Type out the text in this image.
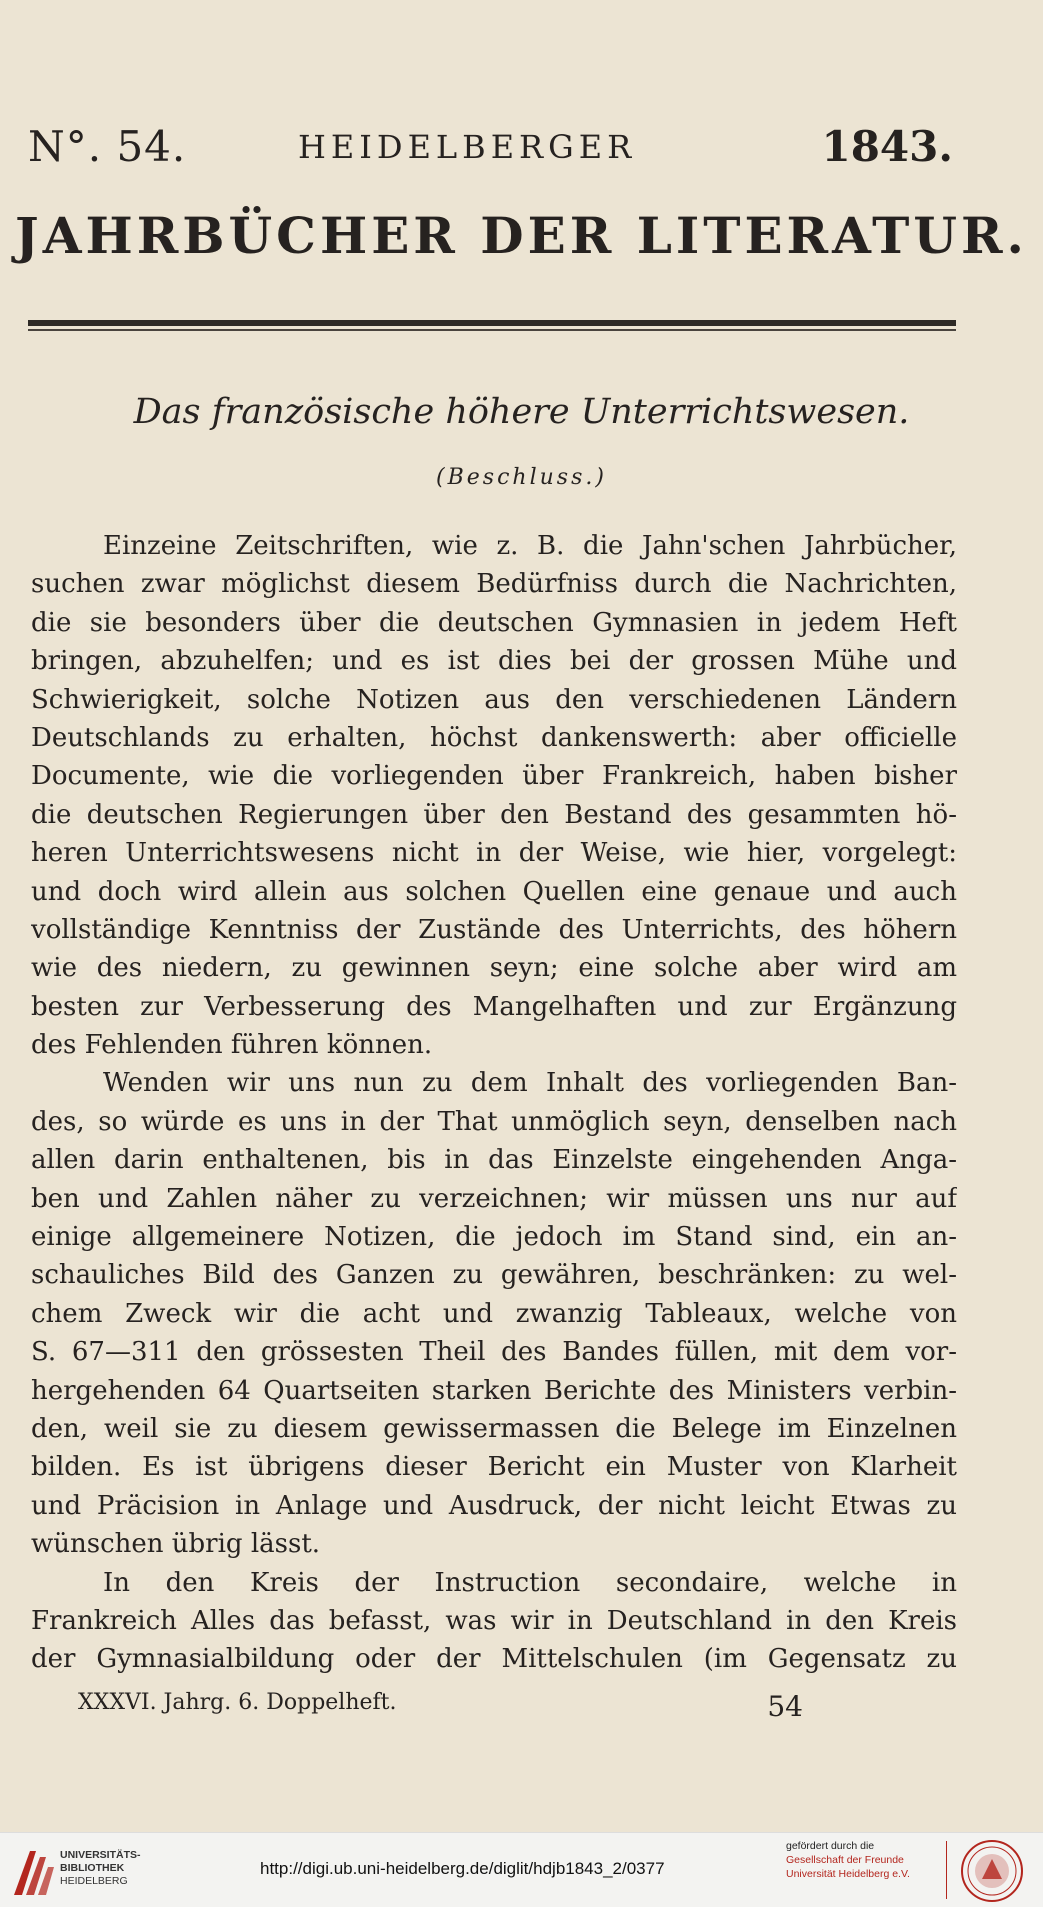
N°. 54.	HEIDELBERGER	1843.
JAHRBÜCHER DER LITERATUR.
Das französische höhere Unterrichtswesen.
(Beschluss.)
Einzeine Zeitschriften, wie z. B. die Jahn'schen Jahrbücher,
suchen zwar möglichst diesem Bedürfniss durch die Nachrichten,
die sie besonders über die deutschen Gymnasien in jedem Heft
bringen, abzuhelfen; und es ist dies bei der grossen Mühe und
Schwierigkeit, solche Notizen aus den verschiedenen Ländern
Deutschlands zu erhalten, höchst dankenswerth: aber officielle
Documente, wie die vorliegenden über Frankreich, haben bisher
die deutschen Regierungen über den Bestand des gesammten hö-
heren Unterrichtswesens nicht in der Weise, wie hier, vorgelegt:
und doch wird allein aus solchen Quellen eine genaue und auch
vollständige Kenntniss der Zustände des Unterrichts, des höhern
wie des niedern, zu gewinnen seyn; eine solche aber wird am
besten zur Verbesserung des Mangelhaften und zur Ergänzung
des Fehlenden führen können.
Wenden wir uns nun zu dem Inhalt des vorliegenden Ban-
des, so würde es uns in der That unmöglich seyn, denselben nach
allen darin enthaltenen, bis in das Einzelste eingehenden Anga-
ben und Zahlen näher zu verzeichnen; wir müssen uns nur auf
einige allgemeinere Notizen, die jedoch im Stand sind, ein an-
schauliches Bild des Ganzen zu gewähren, beschränken: zu wel-
chem Zweck wir die acht und zwanzig Tableaux, welche von
S. 67—311 den grössesten Theil des Bandes füllen, mit dem vor-
hergehenden 64 Quartseiten starken Berichte des Ministers verbin-
den, weil sie zu diesem gewissermassen die Belege im Einzelnen
bilden. Es ist übrigens dieser Bericht ein Muster von Klarheit
und Präcision in Anlage und Ausdruck, der nicht leicht Etwas zu
wünschen übrig lässt.
In den Kreis der Instruction secondaire, welche in
Frankreich Alles das befasst, was wir in Deutschland in den Kreis
der Gymnasialbildung oder der Mittelschulen (im Gegensatz zu
XXXVI. Jahrg. 6. Doppelheft.	54
UNIVERSITÄTS-
BIBLIOTHEK
HEIDELBERG
http://digi.ub.uni-heidelberg.de/diglit/hdjb1843_2/0377
gefördert durch die
Gesellschaft der Freunde
Universität Heidelberg e.V.
